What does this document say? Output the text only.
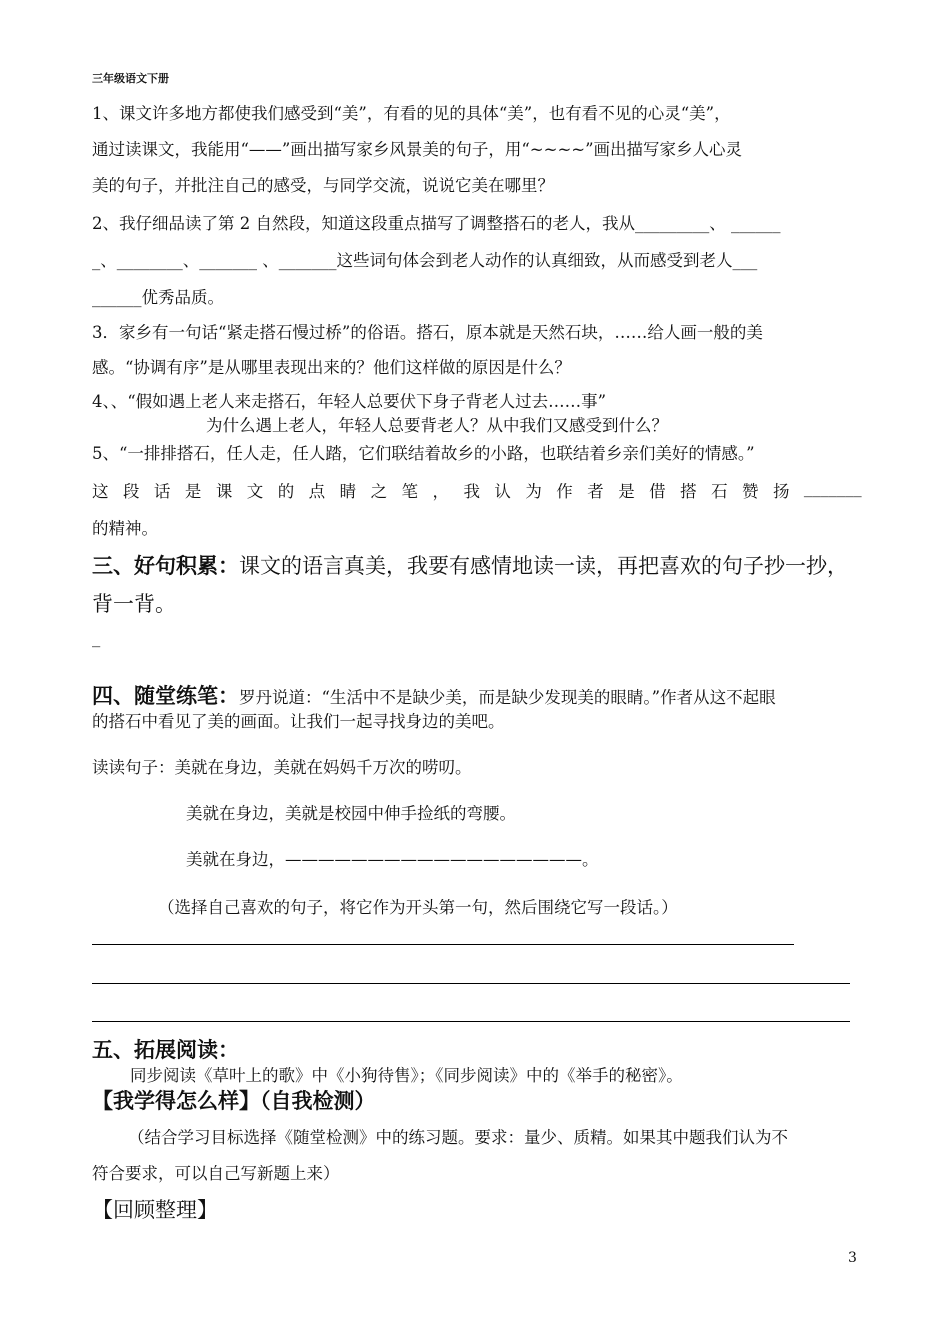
三年级语文下册
1、课文许多地方都使我们感受到“美”，有看的见的具体“美”，也有看不见的心灵“美”，
通过读课文，我能用“——”画出描写家乡风景美的句子，用“~~~~”画出描写家乡人心灵
美的句子，并批注自己的感受，与同学交流，说说它美在哪里？
2、我仔细品读了第 2 自然段，知道这段重点描写了调整搭石的老人，我从_________、 ______
_、________、_______ 、_______这些词句体会到老人动作的认真细致，从而感受到老人___
______优秀品质。
3．家乡有一句话“紧走搭石慢过桥”的俗语。搭石，原本就是天然石块，……给人画一般的美
感。“协调有序”是从哪里表现出来的？他们这样做的原因是什么？
4、、“假如遇上老人来走搭石，年轻人总要伏下身子背老人过去……事”
为什么遇上老人，年轻人总要背老人？从中我们又感受到什么？
5、“一排排搭石，任人走，任人踏，它们联结着故乡的小路，也联结着乡亲们美好的情感。”
这 段 话 是 课 文 的 点 睛 之 笔 ， 我 认 为 作 者 是 借 搭 石 赞 扬 _______
的精神。
三、好句积累：课文的语言真美，我要有感情地读一读，再把喜欢的句子抄一抄，
背一背。
_
四、随堂练笔：罗丹说道：“生活中不是缺少美，而是缺少发现美的眼睛。”作者从这不起眼
的搭石中看见了美的画面。让我们一起寻找身边的美吧。
读读句子：美就在身边，美就在妈妈千万次的唠叨。
美就在身边，美就是校园中伸手捡纸的弯腰。
美就在身边，——————————————————。
（选择自己喜欢的句子，将它作为开头第一句，然后围绕它写一段话。）
五、拓展阅读：
同步阅读《草叶上的歌》中《小狗待售》；《同步阅读》中的《举手的秘密》。
【我学得怎么样】（自我检测）
（结合学习目标选择《随堂检测》中的练习题。要求：量少、质精。如果其中题我们认为不
符合要求，可以自己写新题上来）
【回顾整理】
3
